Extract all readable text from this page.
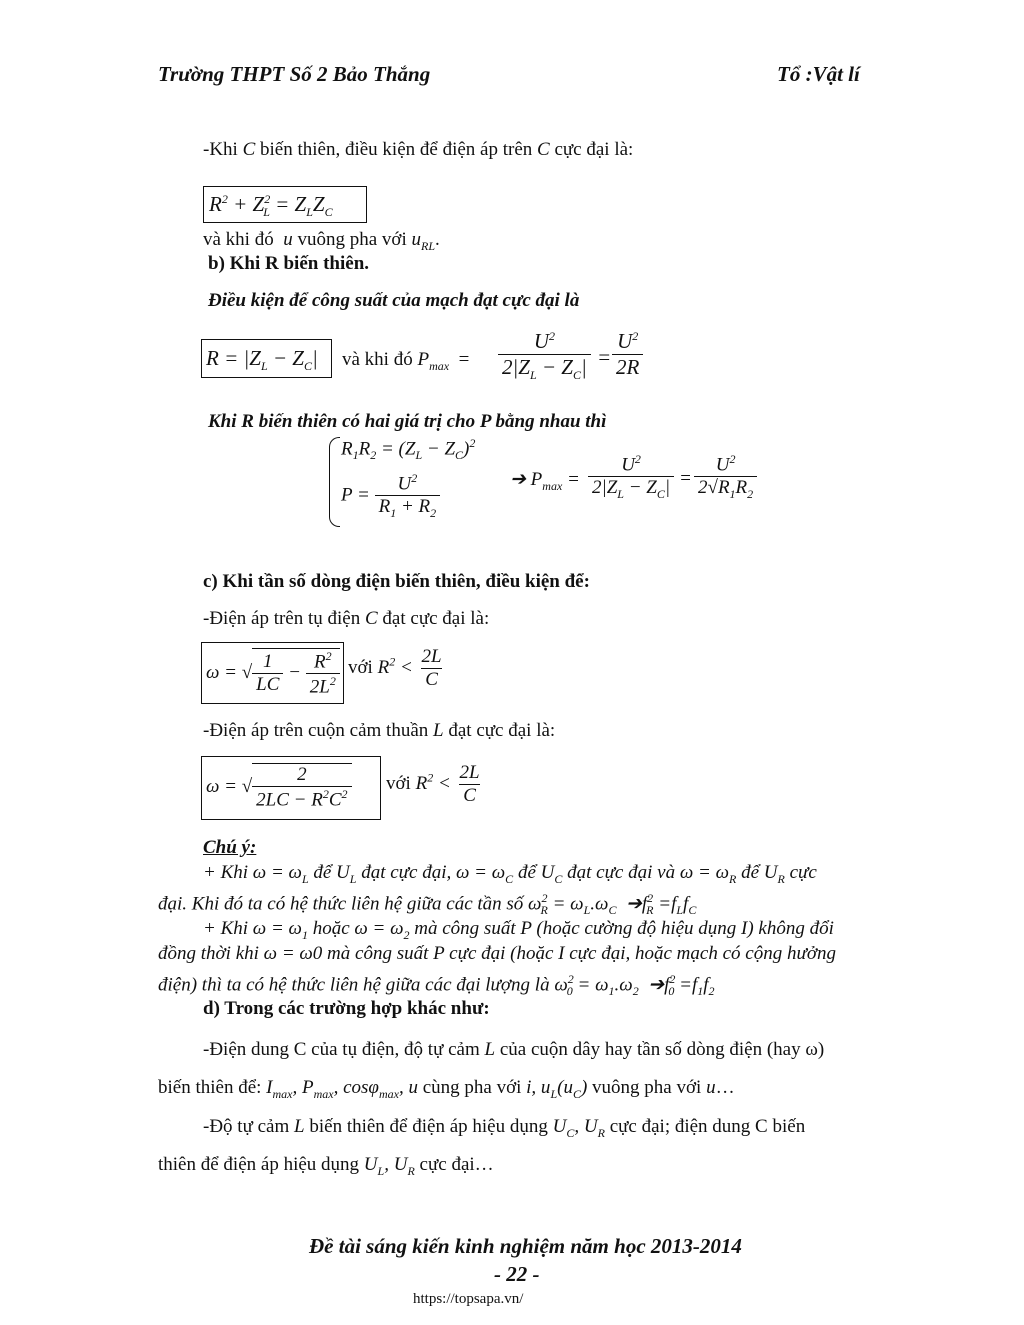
Trường THPT Số 2 Bảo Thắng	Tổ :Vật lí
-Khi C biến thiên, điều kiện để điện áp trên C cực đại là:
$R^2 + Z^2_L = Z_LZ_C$
và khi đó  u vuông pha với $u_{RL}$.
b) Khi R biến thiên.
Điều kiện để công suất của mạch đạt cực đại là
$R = |Z_L - Z_C|$ và khi đó $P_{max} = \frac{U^2}{2|Z_L - Z_C|} = \frac{U^2}{2R}$
Khi R biến thiên có hai giá trị cho P bằng nhau thì
$R_1R_2 = (Z_L - Z_C)^2$
$P = \frac{U^2}{R_1 + R_2}$	➔ $P_{max} = \frac{U^2}{2|Z_L - Z_C|} = \frac{U^2}{2√R_1R_2}$
c) Khi tần số dòng điện biến thiên, điều kiện để:
-Điện áp trên tụ điện C đạt cực đại là:
ω = √ $\frac{1}{LC} - \frac{R^2}{2L^2}$ với $R^2 < \frac{2L}{C}$
-Điện áp trên cuộn cảm thuần L đạt cực đại là:
ω = √ $\frac{2}{2LC - R^2C^2}$ với $R^2 < \frac{2L}{C}$
Chú ý:
+ Khi $\omega = \omega_L$ để $U_L$ đạt cực đại, $\omega = \omega_C$ để $U_C$ đạt cực đại và $\omega = \omega_R$ để $U_R$ cực
đại. Khi đó ta có hệ thức liên hệ giữa các tần số $\omega^2_R = \omega_L.\omega_C$  $➔f^2_R =f_Lf_C$
+ Khi $\omega = \omega_1$ hoặc $\omega = \omega_2$ mà công suất P (hoặc cường độ hiệu dụng I) không đổi
đồng thời khi ω = ω0 mà công suất P cực đại (hoặc I cực đại, hoặc mạch có cộng hưởng
điện) thì ta có hệ thức liên hệ giữa các đại lượng là $\omega^2_0 = \omega_1.\omega_2$  $➔f^2_0 =f_1f_2$
d) Trong các trường hợp khác như:
-Điện dung C của tụ điện, độ tự cảm L của cuộn dây hay tần số dòng điện (hay ω)
biến thiên để: $I_{max}$, $P_{max}$, cosφ$_{max}$, u cùng pha với i, $u_L(u_C)$ vuông pha với u…
-Độ tự cảm L biến thiên để điện áp hiệu dụng $U_C$, $U_R$ cực đại; điện dung C biến
thiên để điện áp hiệu dụng $U_L$, $U_R$ cực đại…
Đề tài sáng kiến kinh nghiệm năm học 2013-2014
- 22 -
https://topsapa.vn/
